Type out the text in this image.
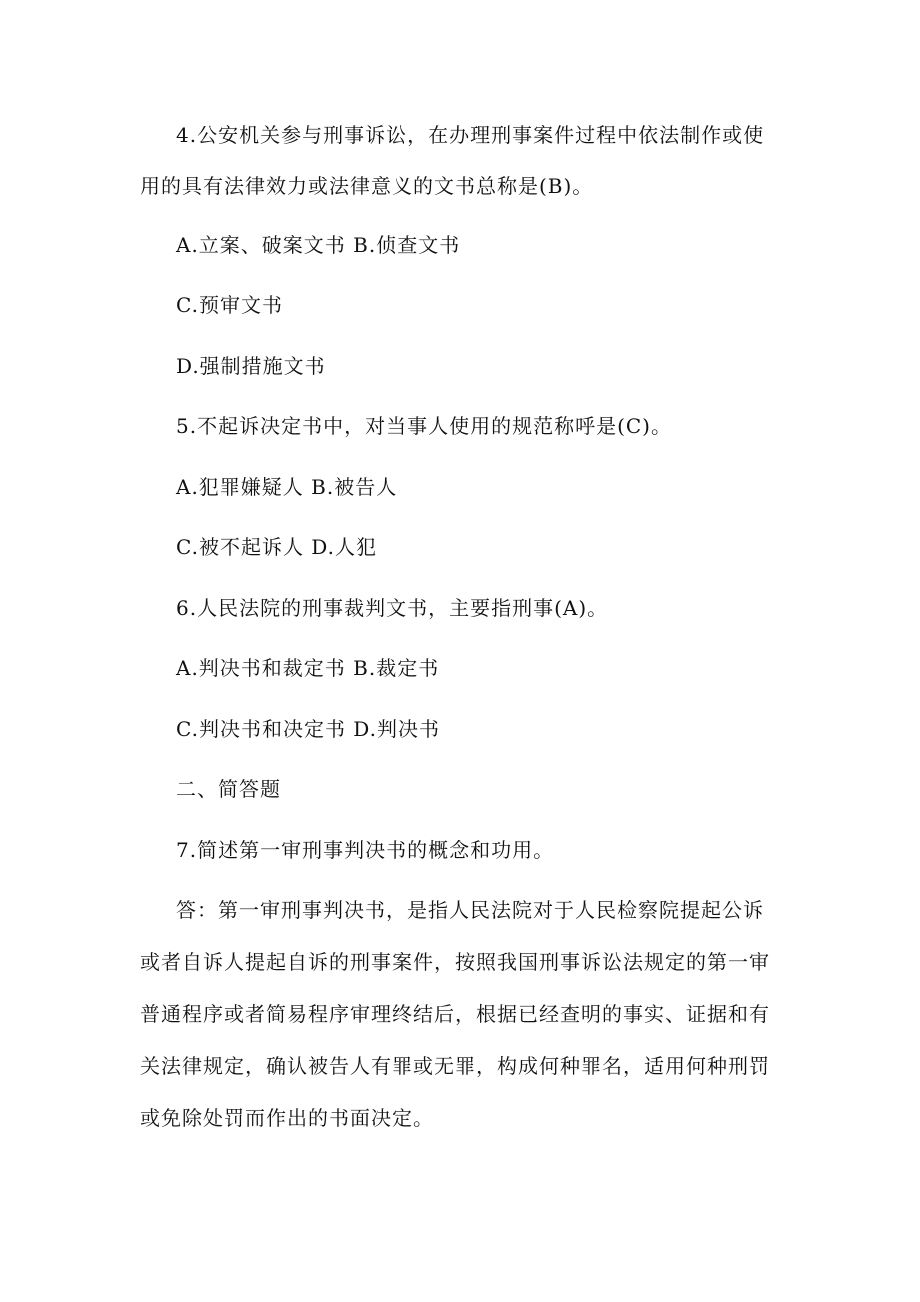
4.公安机关参与刑事诉讼，在办理刑事案件过程中依法制作或使
用的具有法律效力或法律意义的文书总称是(B)。
A.立案、破案文书 B.侦查文书
C.预审文书
D.强制措施文书
5.不起诉决定书中，对当事人使用的规范称呼是(C)。
A.犯罪嫌疑人 B.被告人
C.被不起诉人 D.人犯
6.人民法院的刑事裁判文书，主要指刑事(A)。
A.判决书和裁定书 B.裁定书
C.判决书和决定书 D.判决书
二、简答题
7.简述第一审刑事判决书的概念和功用。
答：第一审刑事判决书，是指人民法院对于人民检察院提起公诉
或者自诉人提起自诉的刑事案件，按照我国刑事诉讼法规定的第一审
普通程序或者简易程序审理终结后，根据已经查明的事实、证据和有
关法律规定，确认被告人有罪或无罪，构成何种罪名，适用何种刑罚
或免除处罚而作出的书面决定。
